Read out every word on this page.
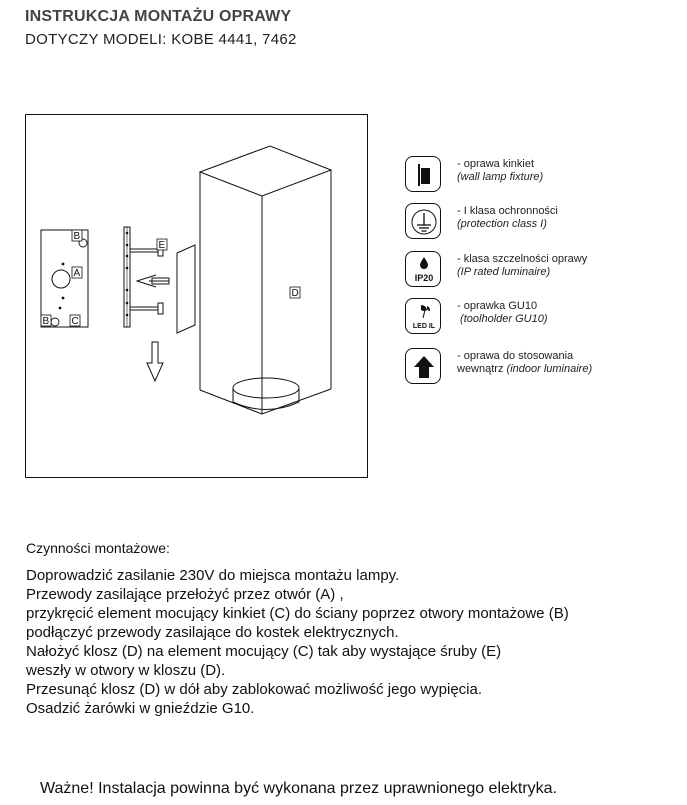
INSTRUKCJA MONTAŻU OPRAWY

DOTYCZY MODELI: KOBE 4441, 7462

B
A
B C
E
D
- oprawa kinkiet
(wall lamp fixture)
- I klasa ochronności
(protection class I)
IP20
- klasa szczelności oprawy
(IP rated luminaire)
LED IL
- oprawka GU10
(toolholder GU10)
- oprawa do stosowania
wewnątrz (indoor luminaire)

Czynności montażowe:

Doprowadzić zasilanie 230V do miejsca montażu lampy.
Przewody zasilające przełożyć przez otwór (A) ,
przykręcić element mocujący kinkiet (C) do ściany poprzez otwory montażowe (B)
podłączyć przewody zasilające do kostek elektrycznych.
Nałożyć klosz (D) na element mocujący (C) tak aby wystające śruby (E)
weszły w otwory w kloszu (D).
Przesunąć klosz (D) w dół aby zablokować możliwość jego wypięcia.
Osadzić żarówki w gnieździe G10.

Ważne! Instalacja powinna być wykonana przez uprawnionego elektryka.
